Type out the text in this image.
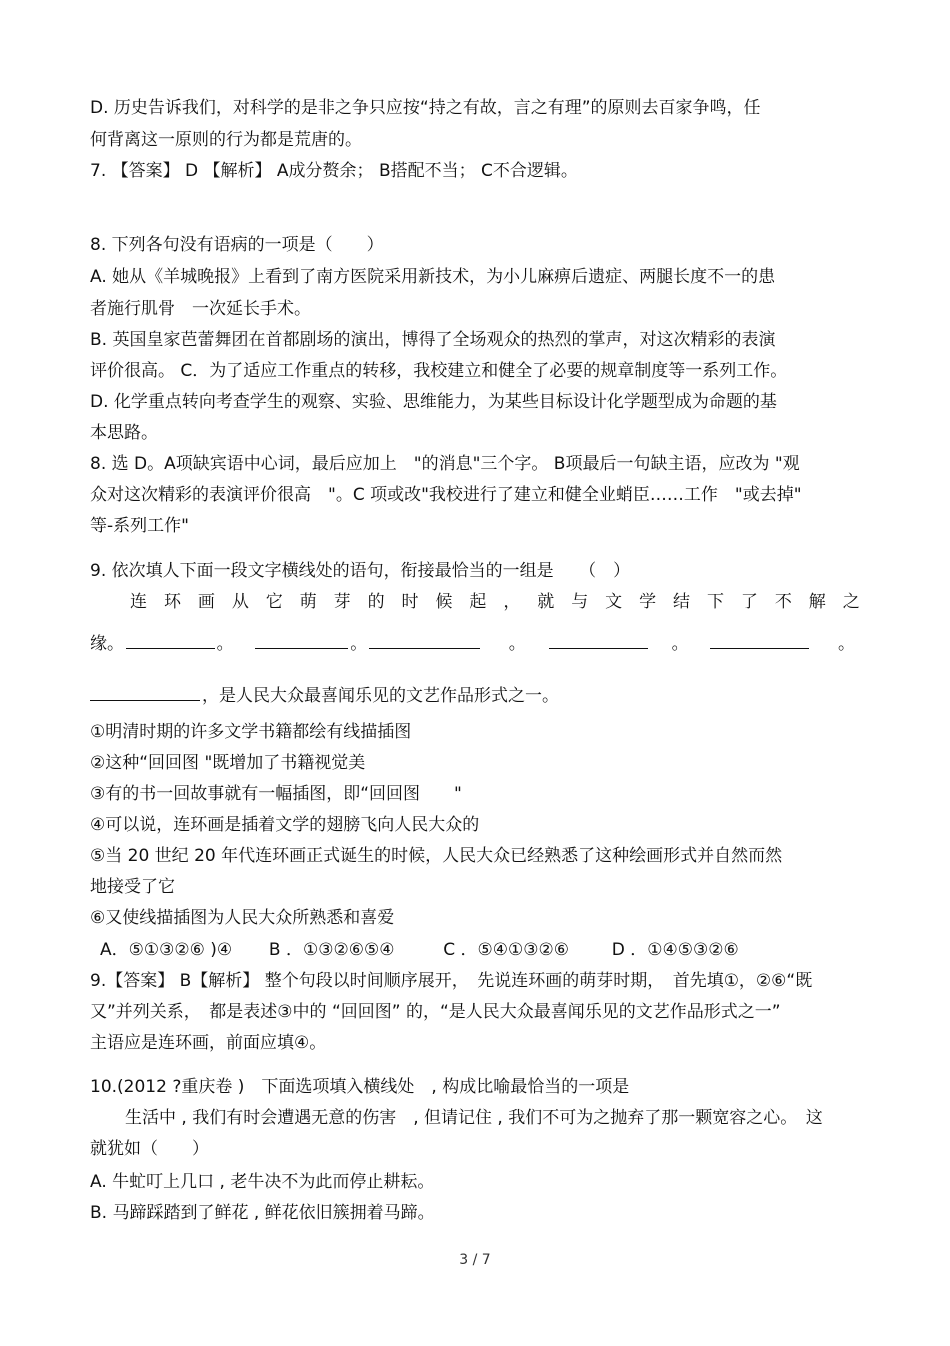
D. 历史告诉我们，对科学的是非之争只应按“持之有故，言之有理”的原则去百家争鸣，任
何背离这一原则的行为都是荒唐的。
7. 【答案】 D 【解析】 A成分赘余； B搭配不当； C不合逻辑。
8. 下列各句没有语病的一项是（　　）
A. 她从《羊城晚报》上看到了南方医院采用新技术，为小儿麻痹后遗症、两腿长度不一的患
者施行肌骨　一次延长手术。
B. 英国皇家芭蕾舞团在首都剧场的演出，博得了全场观众的热烈的掌声，对这次精彩的表演
评价很高。 C．为了适应工作重点的转移，我校建立和健全了必要的规章制度等一系列工作。
D. 化学重点转向考查学生的观察、实验、思维能力，为某些目标设计化学题型成为命题的基
本思路。
8. 选 D。A项缺宾语中心词，最后应加上　"的消息"三个字。 B项最后一句缺主语，应改为 "观
众对这次精彩的表演评价很高　"。C 项或改"我校进行了建立和健全业蛸臣……工作　"或去掉"
等-系列工作"
9. 依次填人下面一段文字横线处的语句，衔接最恰当的一组是　　（　）
连 环 画 从 它 萌 芽 的 时 候 起 ， 就 与 文 学 结 下 了 不 解 之
缘。	。	。	。	。	。
，是人民大众最喜闻乐见的文艺作品形式之一。
①明清时期的许多文学书籍都绘有线描插图
②这种“回回图 "既增加了书籍视觉美
③有的书一回故事就有一幅插图，即“回回图　　"
④可以说，连环画是插着文学的翅膀飞向人民大众的
⑤当 20 世纪 20 年代连环画正式诞生的时候，人民大众已经熟悉了这种绘画形式并自然而然
地接受了它
⑥又使线描插图为人民大众所熟悉和喜爱
A．⑤①③②⑥ )④ B ．①③②⑥⑤④	C ．⑤④①③②⑥	D ．①④⑤③②⑥
9.【答案】 B【解析】 整个句段以时间顺序展开，　先说连环画的萌芽时期，　首先填①，②⑥“既
又”并列关系，　都是表述③中的 “回回图” 的，“是人民大众最喜闻乐见的文艺作品形式之一”
主语应是连环画，前面应填④。
10.(2012 ?重庆卷 )　下面选项填入横线处　, 构成比喻最恰当的一项是
生活中 , 我们有时会遭遇无意的伤害　, 但请记住 , 我们不可为之抛弃了那一颗宽容之心。　这
就犹如（　　）
A. 牛虻叮上几口 , 老牛决不为此而停止耕耘。
B. 马蹄踩踏到了鲜花 , 鲜花依旧簇拥着马蹄。
3 / 7
